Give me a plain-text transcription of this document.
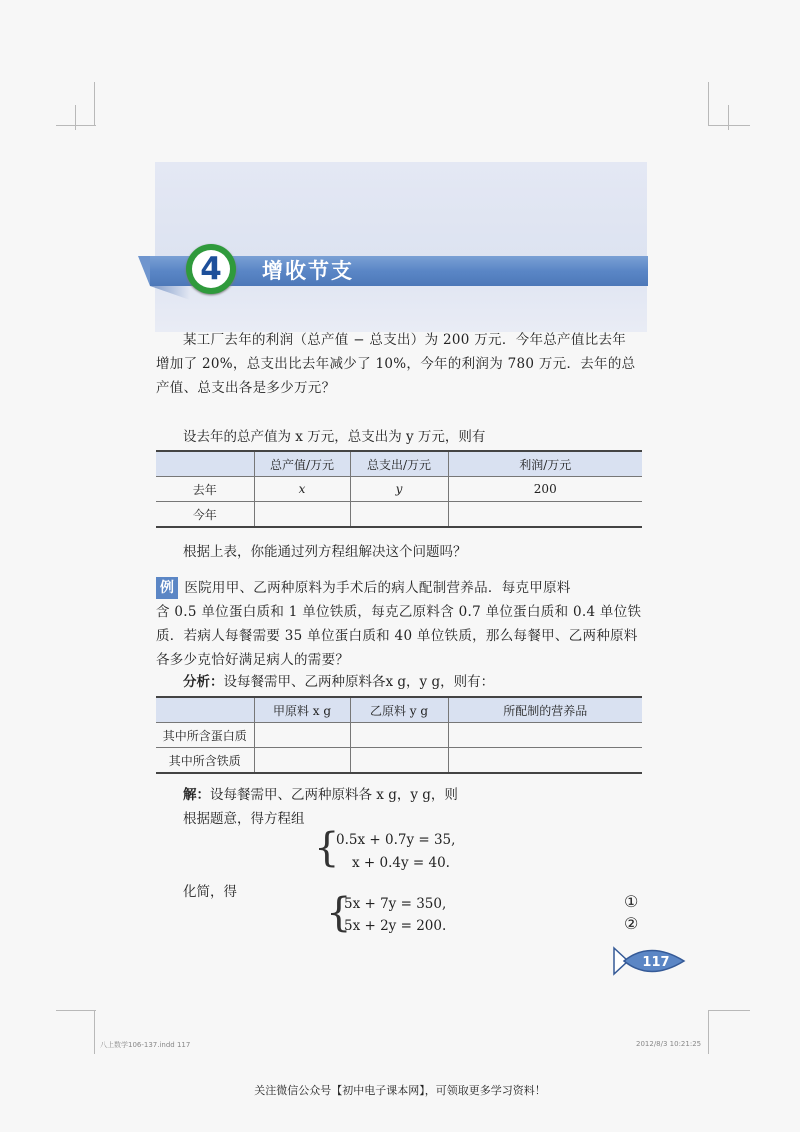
4	增收节支
某工厂去年的利润（总产值 − 总支出）为 200 万元．今年总产值比去年
增加了 20%，总支出比去年减少了 10%，今年的利润为 780 万元．去年的总
产值、总支出各是多少万元？
设去年的总产值为 x 万元，总支出为 y 万元，则有
	总产值/万元	总支出/万元	利润/万元
去年	x	y	200
今年			
根据上表，你能通过列方程组解决这个问题吗？
例 医院用甲、乙两种原料为手术后的病人配制营养品．每克甲原料
含 0.5 单位蛋白质和 1 单位铁质，每克乙原料含 0.7 单位蛋白质和 0.4 单位铁
质．若病人每餐需要 35 单位蛋白质和 40 单位铁质，那么每餐甲、乙两种原料
各多少克恰好满足病人的需要？
分析：设每餐需甲、乙两种原料各x g，y g，则有：
	甲原料 x g	乙原料 y g	所配制的营养品
其中所含蛋白质			
其中所含铁质			
解：设每餐需甲、乙两种原料各 x g，y g，则
根据题意，得方程组
{
0.5x + 0.7y = 35,
x + 0.4y = 40.
化简，得 {
5x + 7y = 350,
5x + 2y = 200.
①
②
117
八上数学106-137.indd 117	2012/8/3 10:21:25
关注微信公众号【初中电子课本网】，可领取更多学习资料！
